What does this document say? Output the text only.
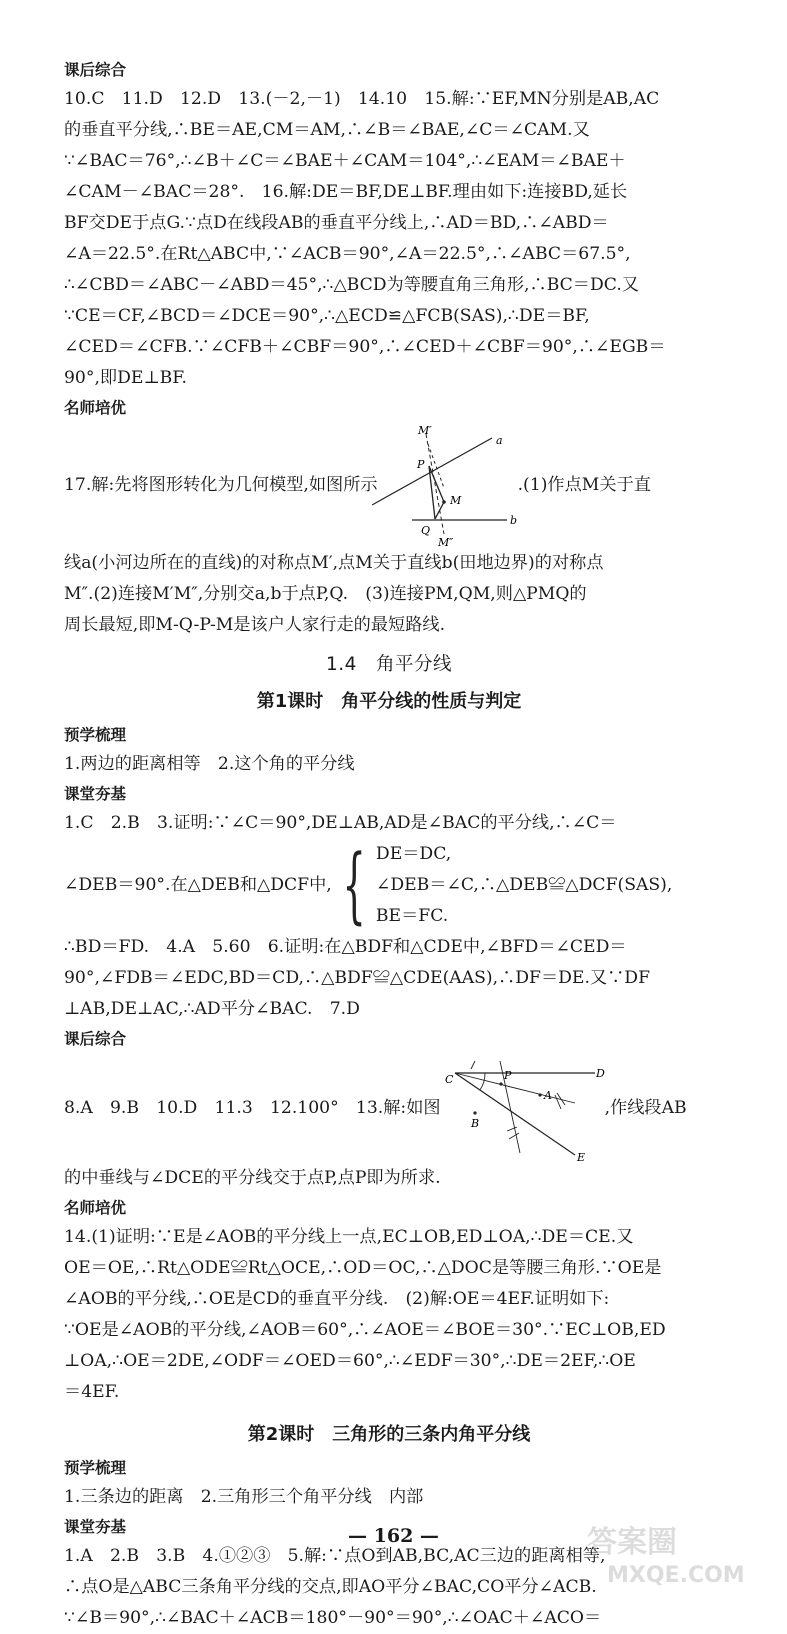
课后综合
10.C　11.D　12.D　13.(－2,－1)　14.10　15.解:∵EF,MN分别是AB,AC
的垂直平分线,∴BE＝AE,CM＝AM,∴∠B＝∠BAE,∠C＝∠CAM.又
∵∠BAC＝76°,∴∠B＋∠C＝∠BAE＋∠CAM＝104°,∴∠EAM＝∠BAE＋
∠CAM－∠BAC＝28°.　16.解:DE＝BF,DE⊥BF.理由如下:连接BD,延长
BF交DE于点G.∵点D在线段AB的垂直平分线上,∴AD＝BD,∴∠ABD＝
∠A＝22.5°.在Rt△ABC中,∵∠ACB＝90°,∠A＝22.5°,∴∠ABC＝67.5°,
∴∠CBD＝∠ABC－∠ABD＝45°,∴△BCD为等腰直角三角形,∴BC＝DC.又
∵CE＝CF,∠BCD＝∠DCE＝90°,∴△ECD≌△FCB(SAS),∴DE＝BF,
∠CED＝∠CFB.∵∠CFB＋∠CBF＝90°,∴∠CED＋∠CBF＝90°,∴∠EGB＝
90°,即DE⊥BF.
名师培优
17.解:先将图形转化为几何模型,如图所示
M′
a
P
M
Q
b
M″
.(1)作点M关于直
线a(小河边所在的直线)的对称点M′,点M关于直线b(田地边界)的对称点
M″.(2)连接M′M″,分别交a,b于点P,Q.　(3)连接PM,QM,则△PMQ的
周长最短,即M-Q-P-M是该户人家行走的最短路线.
1.4　角平分线
第1课时　角平分线的性质与判定
预学梳理
1.两边的距离相等　2.这个角的平分线
课堂夯基
1.C　2.B　3.证明:∵∠C＝90°,DE⊥AB,AD是∠BAC的平分线,∴∠C＝
∠DEB＝90°.在△DEB和△DCF中, { DE＝DC,
∠DEB＝∠C,∴△DEB≌△DCF(SAS),
BE＝FC.
∴BD＝FD.　4.A　5.60　6.证明:在△BDF和△CDE中,∠BFD＝∠CED＝
90°,∠FDB＝∠EDC,BD＝CD,∴△BDF≌△CDE(AAS),∴DF＝DE.又∵DF
⊥AB,DE⊥AC,∴AD平分∠BAC.　7.D
课后综合
8.A　9.B　10.D　11.3　12.100°　13.解:如图
C	P	D
A
B
E
,作线段AB
的中垂线与∠DCE的平分线交于点P,点P即为所求.
名师培优
14.(1)证明:∵E是∠AOB的平分线上一点,EC⊥OB,ED⊥OA,∴DE＝CE.又
OE＝OE,∴Rt△ODE≌Rt△OCE,∴OD＝OC,∴△DOC是等腰三角形.∵OE是
∠AOB的平分线,∴OE是CD的垂直平分线.　(2)解:OE＝4EF.证明如下:
∵OE是∠AOB的平分线,∠AOB＝60°,∴∠AOE＝∠BOE＝30°.∵EC⊥OB,ED
⊥OA,∴OE＝2DE,∠ODF＝∠OED＝60°,∴∠EDF＝30°,∴DE＝2EF,∴OE
＝4EF.
第2课时　三角形的三条内角平分线
预学梳理
1.三条边的距离　2.三角形三个角平分线　内部
课堂夯基
1.A　2.B　3.B　4.①②③　5.解:∵点O到AB,BC,AC三边的距离相等,
∴点O是△ABC三条角平分线的交点,即AO平分∠BAC,CO平分∠ACB.
∵∠B＝90°,∴∠BAC＋∠ACB＝180°－90°＝90°,∴∠OAC＋∠ACO＝
— 162 —	答案圈
MXQE.COM
